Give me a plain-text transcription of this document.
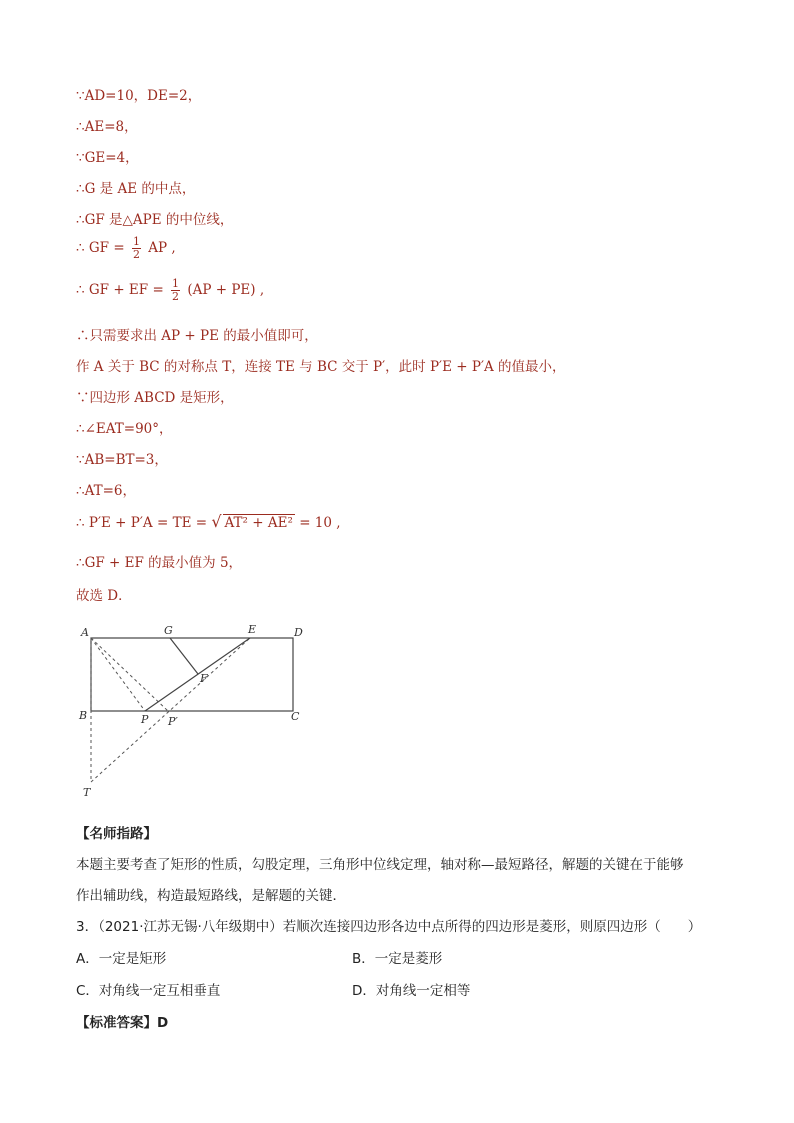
∵AD=10，DE=2，
∴AE=8，
∵GE=4，
∴G 是 AE 的中点，
∴GF 是△APE 的中位线，
∴ GF = $\frac{1}{2}$ AP ,
∴ GF + EF = $\frac{1}{2} (AP + PE)$ ,
∴只需要求出 AP + PE 的最小值即可，
作 A 关于 BC 的对称点 T，连接 TE 与 BC 交于 P′，此时 P′E + P′A 的值最小，
∵四边形 ABCD 是矩形，
∴∠EAT=90°，
∵AB=BT=3，
∴AT=6，
∴ P′E + P′A = TE = √ AT² + AE² = 10 ,
∴GF + EF 的最小值为 5，
故选 D．
A	G	E	D
F
B	P P′	C
T
【名师指路】
本题主要考查了矩形的性质，勾股定理，三角形中位线定理，轴对称—最短路径，解题的关键在于能够
作出辅助线，构造最短路线，是解题的关键．
3．（2021·江苏无锡·八年级期中）若顺次连接四边形各边中点所得的四边形是菱形，则原四边形（　　）
A．一定是矩形	B．一定是菱形
C．对角线一定互相垂直	D．对角线一定相等
【标准答案】D
